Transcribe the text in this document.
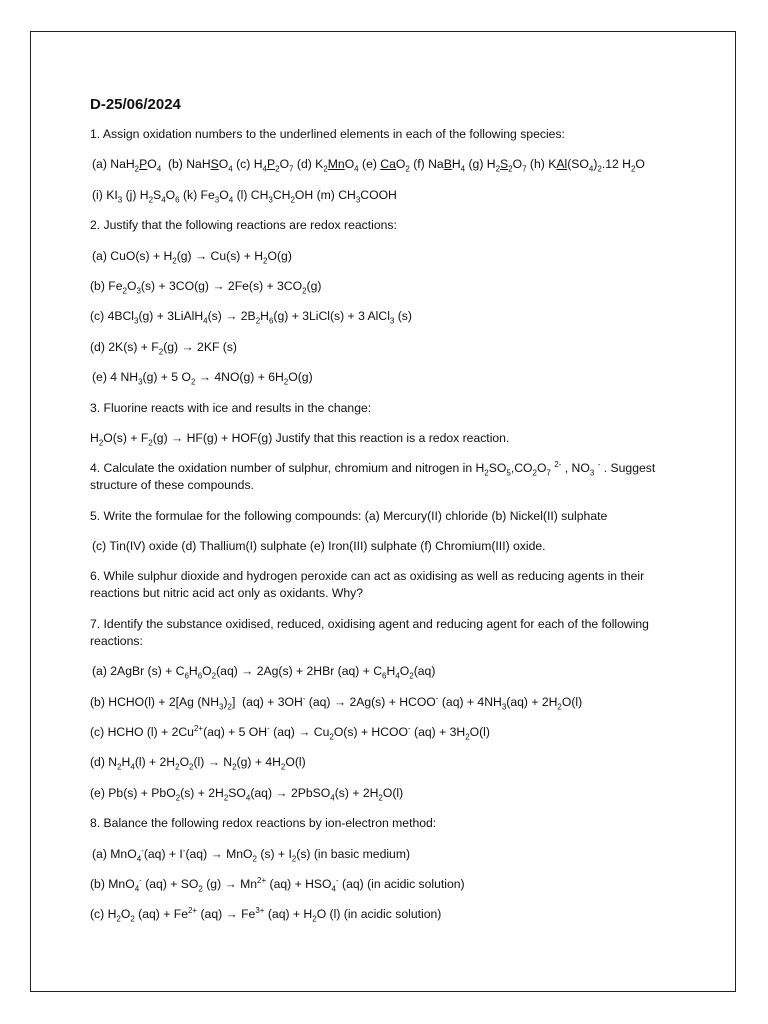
D-25/06/2024
1. Assign oxidation numbers to the underlined elements in each of the following species:
(a) $NaH_2PO_4$  (b) NaHSO$_4$ (c) $H_4P_2O_7$ (d) $K_2MnO_4$ (e) CaO$_2$ (f) NaBH$_4$ (g) $H_2S_2O_7$ (h) $KAl(SO_4)_2.12$ $H_2O$
(i) $KI_3$ (j) $H_2S_4O_6$ (k) $Fe_3O_4$ (l) $CH_3CH_2OH$ (m) $CH_3COOH$
2. Justify that the following reactions are redox reactions:
(a) $CuO(s) + H_2(g) \to Cu(s) + H_2O(g)$
(b) $Fe_2O_3(s) + 3CO(g) \to 2Fe(s) + 3CO_2(g)$
(c) 4BCl$_3$(g) + 3LiAlH$_4$(s) → $2B_2H_6(g)$ + 3LiCl(s) + 3 AlCl$_3$ (s)
(d) $2K(s) + F_2(g) \to 2KF$ (s)
(e) 4 $NH_3(g) + 5$ $O_2 \to 4NO(g) + 6H_2O(g)$
3. Fluorine reacts with ice and results in the change:
$H_2O(s) + F_2(g) \to HF(g) + HOF(g)$ Justify that this reaction is a redox reaction.
4. Calculate the oxidation number of sulphur, chromium and nitrogen in $H_2SO_5,CO_2O_7$ $^{2-}$ , $NO_3$ - . Suggest structure of these compounds.
5. Write the formulae for the following compounds: (a) Mercury(II) chloride (b) Nickel(II) sulphate
(c) Tin(IV) oxide (d) Thallium(I) sulphate (e) Iron(III) sulphate (f) Chromium(III) oxide.
6. While sulphur dioxide and hydrogen peroxide can act as oxidising as well as reducing agents in their reactions but nitric acid act only as oxidants. Why?
7. Identify the substance oxidised, reduced, oxidising agent and reducing agent for each of the following reactions:
(a) 2AgBr $(s) + C_6H_6O_2(aq) \to 2Ag(s) + 2HBr$ $(aq) + C_6H_4O_2(aq)$
(b) HCHO(l) + 2[Ag $(NH_3)_2$]  (aq) + 3OH- (aq) → 2Ag(s) + HCOO- $(aq) + 4NH_3(aq) + 2H_2O(l)$
(c) HCHO $(l) + 2Cu^{2+}(aq) + 5$ OH- $(aq) \to Cu_2O(s)$ + HCOO- $(aq) + 3H_2O(l)$
(d) $N_2H_4(l) + 2H_2O_2(l) \to N_2(g) + 4H_2O(l)$
(e) $Pb(s) + PbO_2(s) + 2H_2SO_4(aq)$ → 2PbSO$_4$(s) + $2H_2O(l)$
8. Balance the following redox reactions by ion-electron method:
(a) MnO$_4$-(aq) + I-(aq) → MnO$_2$ $(s) + I_2(s)$ (in basic medium)
(b) MnO$_4$- $(aq) + SO_2$ $(g) \to Mn^{2+}$ $(aq) + HSO_4^-$ (aq) (in acidic solution)
(c) $H_2O_2$ $(aq) + Fe^{2+}$ $(aq) \to Fe^{3+}$ $(aq) + H_2O$ (l) (in acidic solution)
